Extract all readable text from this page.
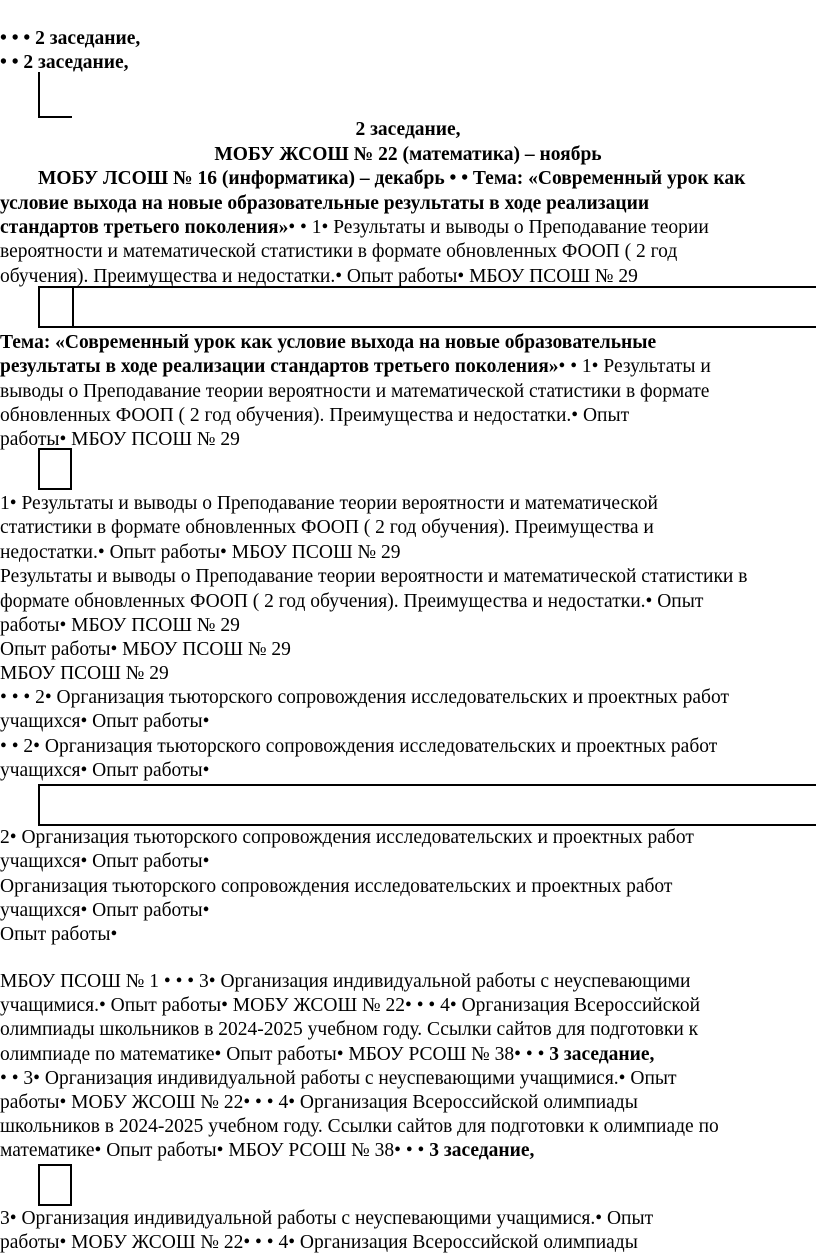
• • • 2 заседание,
• • 2 заседание,
2 заседание,
МОБУ ЖСОШ № 22 (математика) – ноябрь
МОБУ ЛСОШ № 16 (информатика) – декабрь • • Тема: «Современный урок как
условие выхода на новые образовательные результаты в ходе реализации
стандартов третьего поколения»• • 1• Результаты и выводы о Преподавание теории
вероятности и математической статистики в формате обновленных ФООП ( 2 год
обучения). Преимущества и недостатки.• Опыт работы• МБОУ ПСОШ № 29
Тема: «Современный урок как условие выхода на новые образовательные
результаты в ходе реализации стандартов третьего поколения»• • 1• Результаты и
выводы о Преподавание теории вероятности и математической статистики в формате
обновленных ФООП ( 2 год обучения). Преимущества и недостатки.• Опыт
работы• МБОУ ПСОШ № 29
1• Результаты и выводы о Преподавание теории вероятности и математической
статистики в формате обновленных ФООП ( 2 год обучения). Преимущества и
недостатки.• Опыт работы• МБОУ ПСОШ № 29
Результаты и выводы о Преподавание теории вероятности и математической статистики в
формате обновленных ФООП ( 2 год обучения). Преимущества и недостатки.• Опыт
работы• МБОУ ПСОШ № 29
Опыт работы• МБОУ ПСОШ № 29
МБОУ ПСОШ № 29
• • • 2• Организация тьюторского сопровождения исследовательских и проектных работ
учащихся• Опыт работы•
• • 2• Организация тьюторского сопровождения исследовательских и проектных работ
учащихся• Опыт работы•
2• Организация тьюторского сопровождения исследовательских и проектных работ
учащихся• Опыт работы•
Организация тьюторского сопровождения исследовательских и проектных работ
учащихся• Опыт работы•
Опыт работы•
МБОУ ПСОШ № 1 • • • 3• Организация индивидуальной работы с неуспевающими
учащимися.• Опыт работы• МОБУ ЖСОШ № 22• • • 4• Организация Всероссийской
олимпиады школьников в 2024-2025 учебном году. Ссылки сайтов для подготовки к
олимпиаде по математике• Опыт работы• МБОУ РСОШ № 38• • • 3 заседание,
• • 3• Организация индивидуальной работы с неуспевающими учащимися.• Опыт
работы• МОБУ ЖСОШ № 22• • • 4• Организация Всероссийской олимпиады
школьников в 2024-2025 учебном году. Ссылки сайтов для подготовки к олимпиаде по
математике• Опыт работы• МБОУ РСОШ № 38• • • 3 заседание,
3• Организация индивидуальной работы с неуспевающими учащимися.• Опыт
работы• МОБУ ЖСОШ № 22• • • 4• Организация Всероссийской олимпиады
